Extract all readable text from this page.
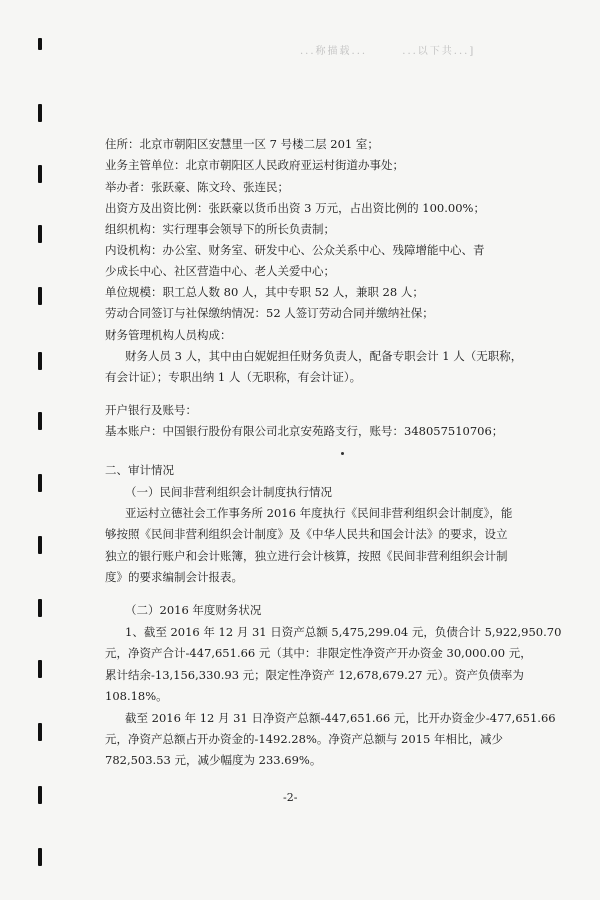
...称描载...	...以下共...]
住所：北京市朝阳区安慧里一区 7 号楼二层 201 室；
业务主管单位：北京市朝阳区人民政府亚运村街道办事处；
举办者：张跃豪、陈文玲、张连民；
出资方及出资比例：张跃豪以货币出资 3 万元，占出资比例的 100.00%；
组织机构：实行理事会领导下的所长负责制；
内设机构：办公室、财务室、研发中心、公众关系中心、残障增能中心、青
少成长中心、社区营造中心、老人关爱中心；
单位规模：职工总人数 80 人，其中专职 52 人，兼职 28 人；
劳动合同签订与社保缴纳情况：52 人签订劳动合同并缴纳社保；
财务管理机构人员构成：
财务人员 3 人，其中由白妮妮担任财务负责人，配备专职会计 1 人（无职称，
有会计证）；专职出纳 1 人（无职称，有会计证）。
开户银行及账号：
基本账户：中国银行股份有限公司北京安苑路支行，账号：348057510706；
二、审计情况
（一）民间非营利组织会计制度执行情况
亚运村立德社会工作事务所 2016 年度执行《民间非营利组织会计制度》，能
够按照《民间非营利组织会计制度》及《中华人民共和国会计法》的要求，设立
独立的银行账户和会计账簿，独立进行会计核算，按照《民间非营利组织会计制
度》的要求编制会计报表。
（二）2016 年度财务状况
1、截至 2016 年 12 月 31 日资产总额 5,475,299.04 元，负债合计 5,922,950.70
元，净资产合计-447,651.66 元（其中：非限定性净资产开办资金 30,000.00 元，
累计结余-13,156,330.93 元；限定性净资产 12,678,679.27 元）。资产负债率为
108.18%。
截至 2016 年 12 月 31 日净资产总额-447,651.66 元，比开办资金少-477,651.66
元，净资产总额占开办资金的-1492.28%。净资产总额与 2015 年相比，减少
782,503.53 元，减少幅度为 233.69%。
-2-
